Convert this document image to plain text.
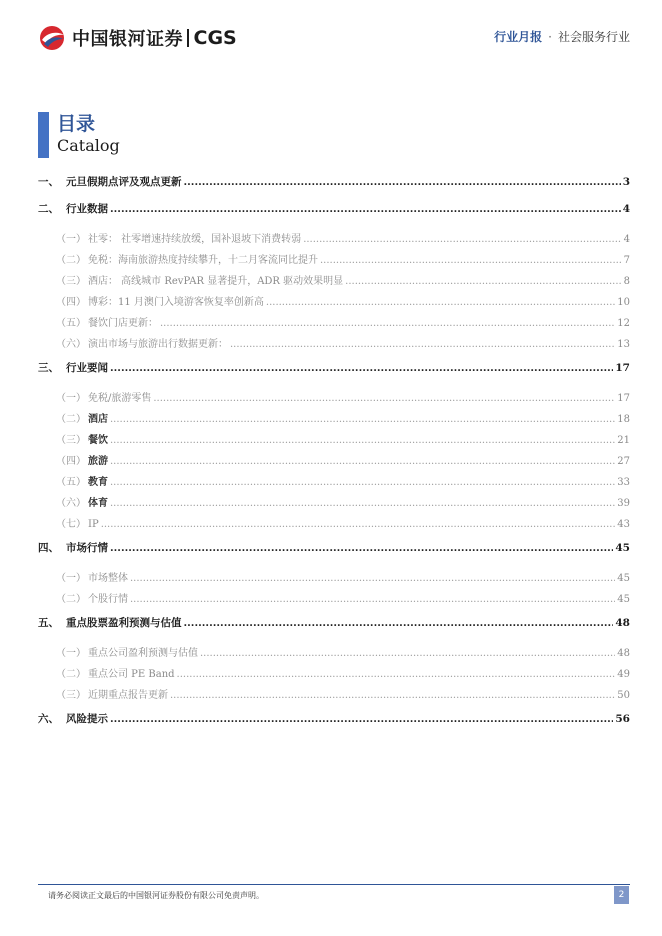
中国银河证券 CGS	行业月报 · 社会服务行业
目录
Catalog
一、 元旦假期点评及观点更新 .....	3
二、 行业数据 .....	4
（一） 社零： 社零增速持续放缓，国补退坡下消费转弱 .....	4
（二） 免税：海南旅游热度持续攀升，十二月客流同比提升 .....	7
（三） 酒店： 高线城市 RevPAR 显著提升，ADR 驱动效果明显 .....	8
（四） 博彩：11 月澳门入境游客恢复率创新高 .....	10
（五） 餐饮门店更新： .....	12
（六） 演出市场与旅游出行数据更新： .....	13
三、 行业要闻 .....	17
（一） 免税/旅游零售 .....	17
（二） 酒店 .....	18
（三） 餐饮 .....	21
（四） 旅游 .....	27
（五） 教育 .....	33
（六） 体育 .....	39
（七） IP .....	43
四、 市场行情 .....	45
（一） 市场整体 .....	45
（二） 个股行情 .....	45
五、 重点股票盈利预测与估值 .....	48
（一） 重点公司盈利预测与估值 .....	48
（二） 重点公司 PE Band .....	49
（三） 近期重点报告更新 .....	50
六、 风险提示 .....	56
请务必阅读正文最后的中国银河证券股份有限公司免责声明。	2
